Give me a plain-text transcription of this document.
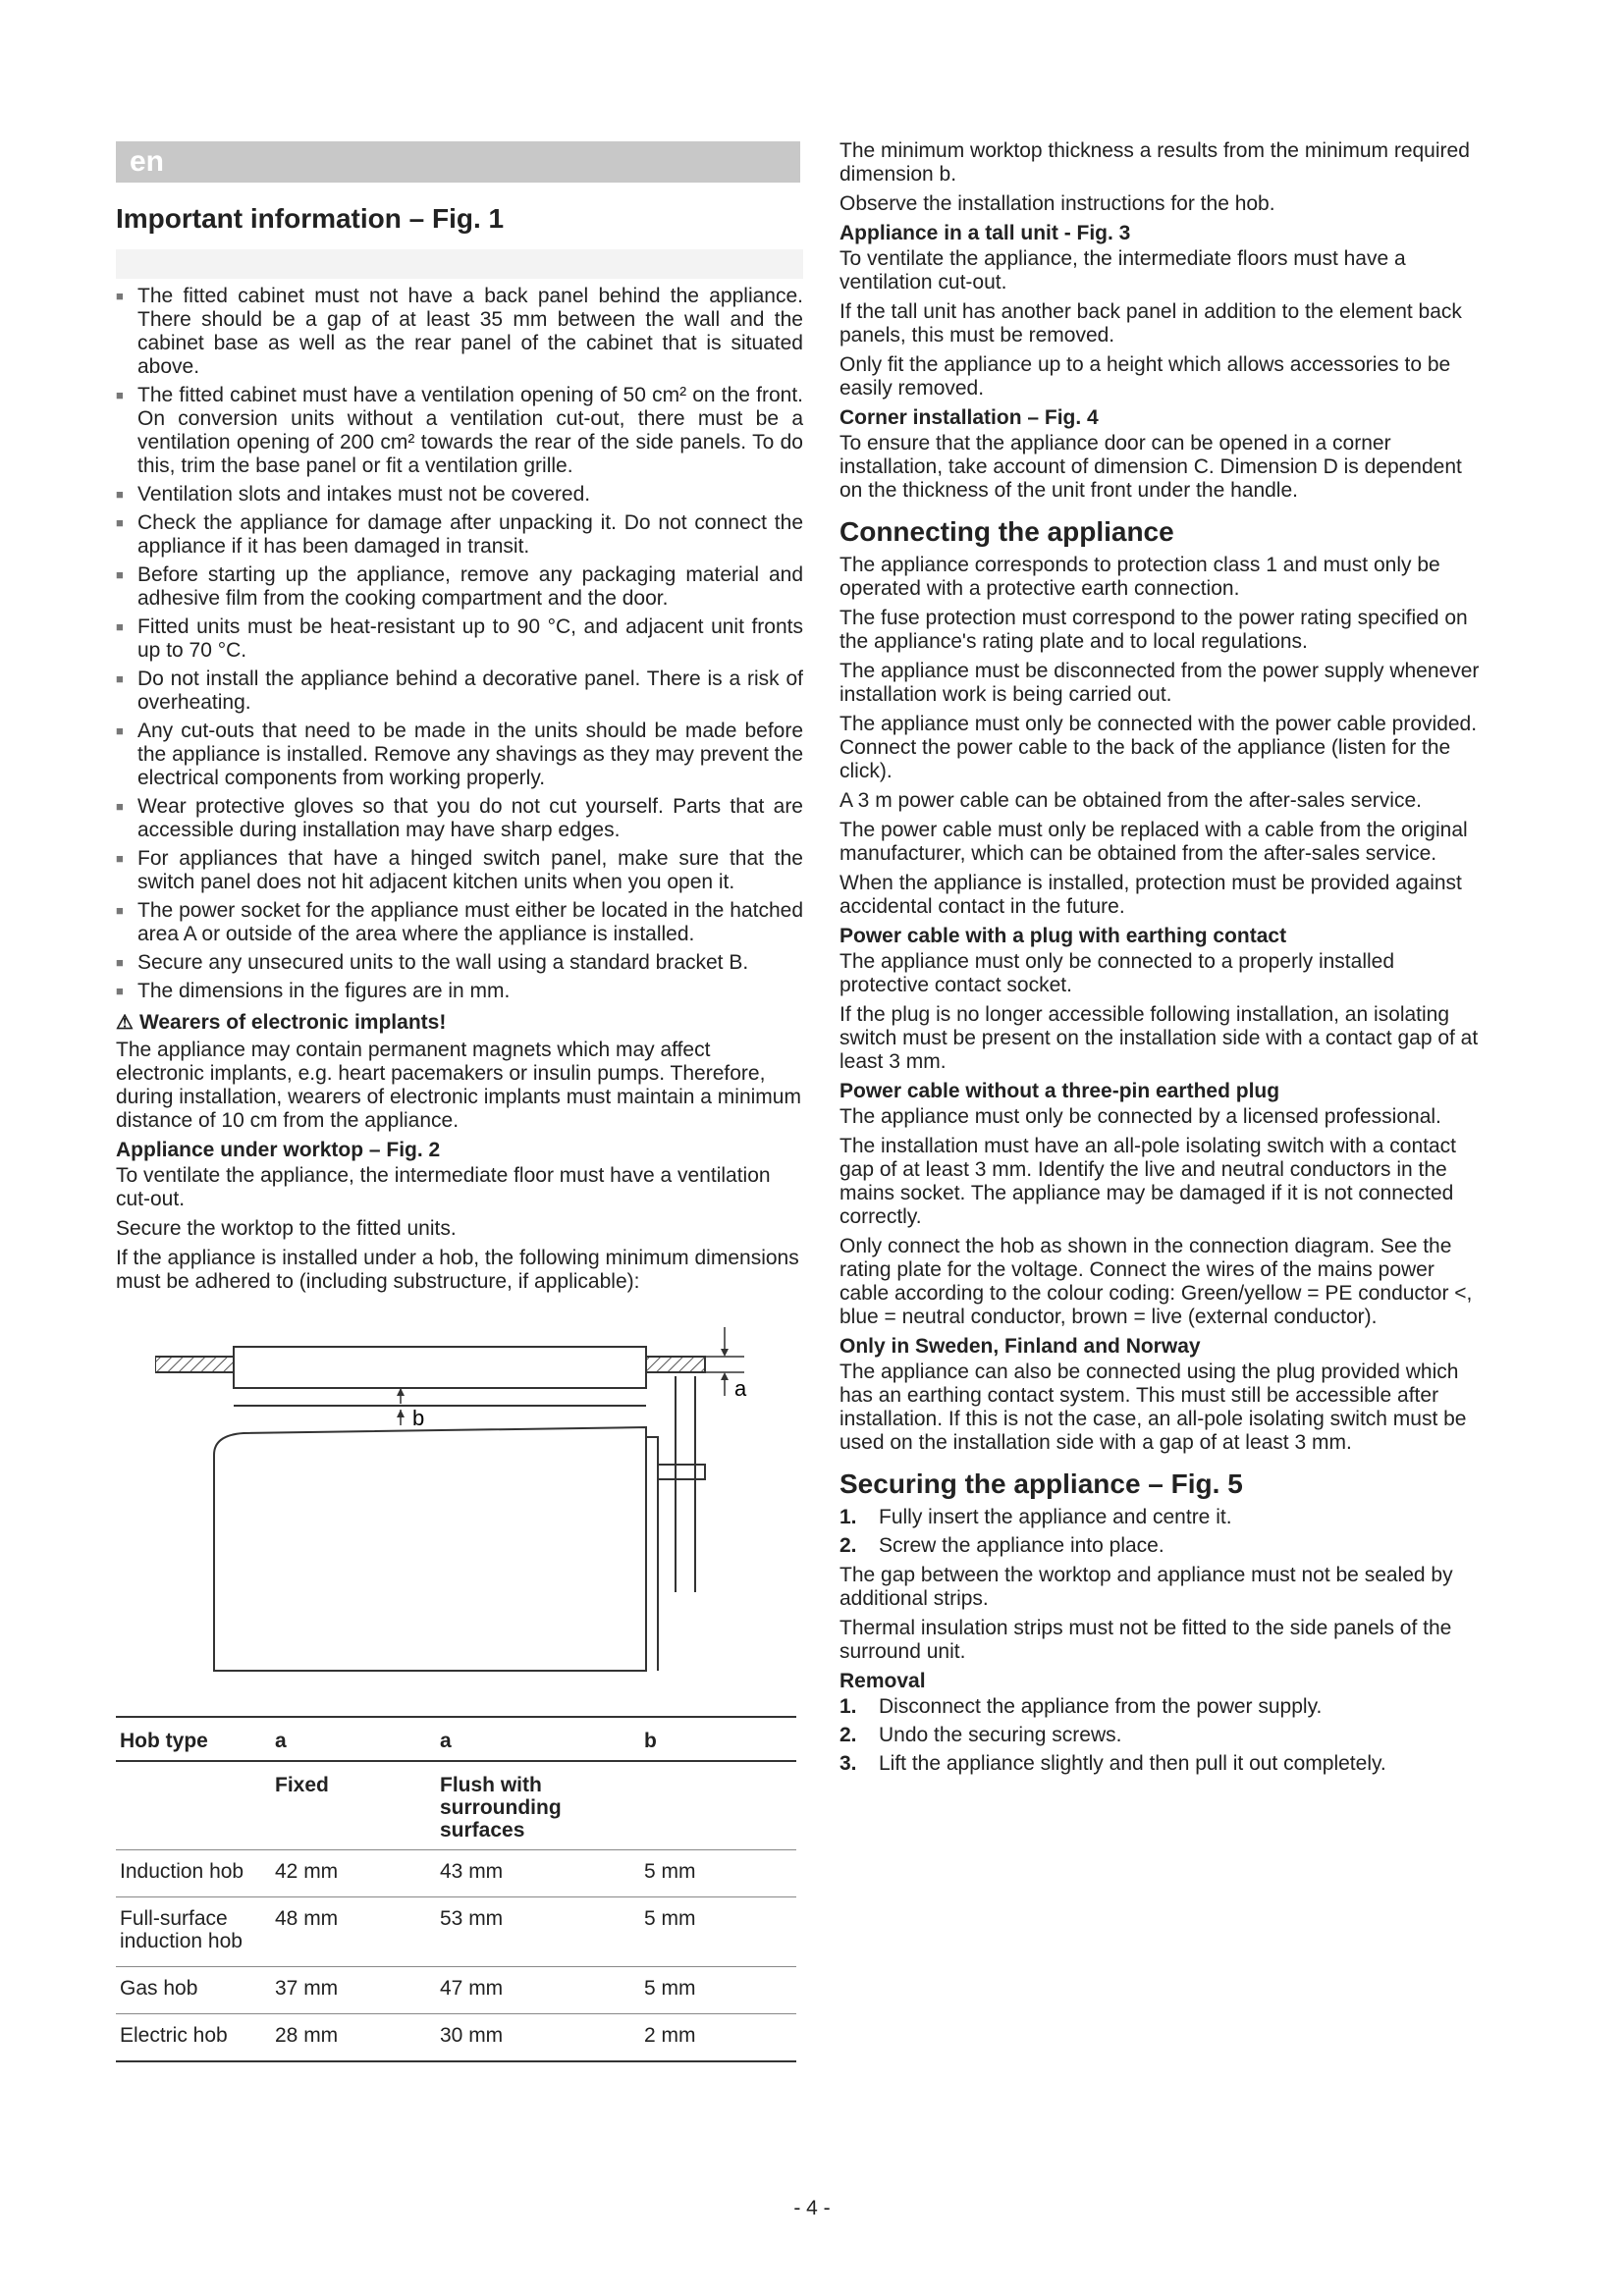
en
Important information – Fig. 1
■ The fitted cabinet must not have a back panel behind the appliance. There should be a gap of at least 35 mm between the wall and the cabinet base as well as the rear panel of the cabinet that is situated above.
■ The fitted cabinet must have a ventilation opening of 50 cm² on the front. On conversion units without a ventilation cut-out, there must be a ventilation opening of 200 cm² towards the rear of the side panels. To do this, trim the base panel or fit a ventilation grille.
■ Ventilation slots and intakes must not be covered.
■ Check the appliance for damage after unpacking it. Do not connect the appliance if it has been damaged in transit.
■ Before starting up the appliance, remove any packaging material and adhesive film from the cooking compartment and the door.
■ Fitted units must be heat-resistant up to 90 °C, and adjacent unit fronts up to 70 °C.
■ Do not install the appliance behind a decorative panel. There is a risk of overheating.
■ Any cut-outs that need to be made in the units should be made before the appliance is installed. Remove any shavings as they may prevent the electrical components from working properly.
■ Wear protective gloves so that you do not cut yourself. Parts that are accessible during installation may have sharp edges.
■ For appliances that have a hinged switch panel, make sure that the switch panel does not hit adjacent kitchen units when you open it.
■ The power socket for the appliance must either be located in the hatched area A or outside of the area where the appliance is installed.
■ Secure any unsecured units to the wall using a standard bracket B.
■ The dimensions in the figures are in mm.
⚠ Wearers of electronic implants!
The appliance may contain permanent magnets which may affect electronic implants, e.g. heart pacemakers or insulin pumps. Therefore, during installation, wearers of electronic implants must maintain a minimum distance of 10 cm from the appliance.
Appliance under worktop – Fig. 2
To ventilate the appliance, the intermediate floor must have a ventilation cut-out.
Secure the worktop to the fitted units.
If the appliance is installed under a hob, the following minimum dimensions must be adhered to (including substructure, if applicable):
a
b
Hob type	a	a	b
	Fixed	Flush with surrounding surfaces	
Induction hob	42 mm	43 mm	5 mm
Full-surface induction hob	48 mm	53 mm	5 mm
Gas hob	37 mm	47 mm	5 mm
Electric hob	28 mm	30 mm	2 mm
The minimum worktop thickness a results from the minimum required dimension b.
Observe the installation instructions for the hob.
Appliance in a tall unit - Fig. 3
To ventilate the appliance, the intermediate floors must have a ventilation cut-out.
If the tall unit has another back panel in addition to the element back panels, this must be removed.
Only fit the appliance up to a height which allows accessories to be easily removed.
Corner installation – Fig. 4
To ensure that the appliance door can be opened in a corner installation, take account of dimension C. Dimension D is dependent on the thickness of the unit front under the handle.
Connecting the appliance
The appliance corresponds to protection class 1 and must only be operated with a protective earth connection.
The fuse protection must correspond to the power rating specified on the appliance's rating plate and to local regulations.
The appliance must be disconnected from the power supply whenever installation work is being carried out.
The appliance must only be connected with the power cable provided. Connect the power cable to the back of the appliance (listen for the click).
A 3 m power cable can be obtained from the after-sales service.
The power cable must only be replaced with a cable from the original manufacturer, which can be obtained from the after-sales service.
When the appliance is installed, protection must be provided against accidental contact in the future.
Power cable with a plug with earthing contact
The appliance must only be connected to a properly installed protective contact socket.
If the plug is no longer accessible following installation, an isolating switch must be present on the installation side with a contact gap of at least 3 mm.
Power cable without a three-pin earthed plug
The appliance must only be connected by a licensed professional.
The installation must have an all-pole isolating switch with a contact gap of at least 3 mm. Identify the live and neutral conductors in the mains socket. The appliance may be damaged if it is not connected correctly.
Only connect the hob as shown in the connection diagram. See the rating plate for the voltage. Connect the wires of the mains power cable according to the colour coding: Green/yellow = PE conductor <, blue = neutral conductor, brown = live (external conductor).
Only in Sweden, Finland and Norway
The appliance can also be connected using the plug provided which has an earthing contact system. This must still be accessible after installation. If this is not the case, an all-pole isolating switch must be used on the installation side with a gap of at least 3 mm.
Securing the appliance – Fig. 5
1.	Fully insert the appliance and centre it.
2.	Screw the appliance into place.
The gap between the worktop and appliance must not be sealed by additional strips.
Thermal insulation strips must not be fitted to the side panels of the surround unit.
Removal
1.	Disconnect the appliance from the power supply.
2.	Undo the securing screws.
3.	Lift the appliance slightly and then pull it out completely.
- 4 -
